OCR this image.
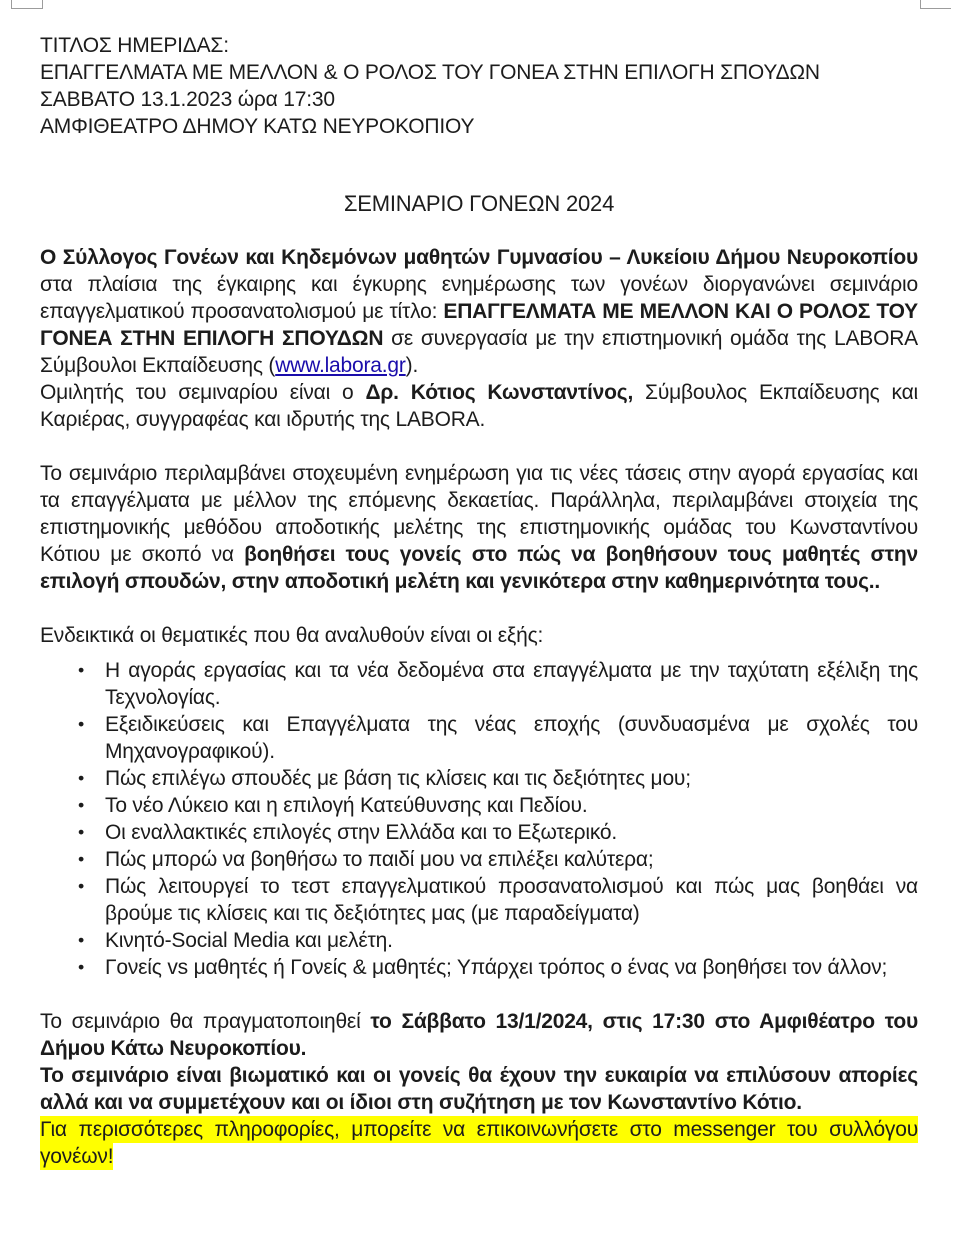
ΤΙΤΛΟΣ ΗΜΕΡΙΔΑΣ:
ΕΠΑΓΓΕΛΜΑΤΑ ΜΕ ΜΕΛΛΟΝ & Ο ΡΟΛΟΣ ΤΟΥ ΓΟΝΕΑ ΣΤΗΝ ΕΠΙΛΟΓΗ ΣΠΟΥΔΩΝ
ΣΑΒΒΑΤΟ 13.1.2023 ώρα 17:30
ΑΜΦΙΘΕΑΤΡΟ ΔΗΜΟΥ ΚΑΤΩ ΝΕΥΡΟΚΟΠΙΟΥ

ΣΕΜΙΝΑΡΙΟ ΓΟΝΕΩΝ 2024

Ο Σύλλογος Γονέων και Κηδεμόνων μαθητών Γυμνασίου – Λυκείοιυ Δήμου Νευροκοπίου στα πλαίσια της έγκαιρης και έγκυρης ενημέρωσης των γονέων διοργανώνει σεμινάριο επαγγελματικού προσανατολισμού με τίτλο: ΕΠΑΓΓΕΛΜΑΤΑ ΜΕ ΜΕΛΛΟΝ ΚΑΙ Ο ΡΟΛΟΣ ΤΟΥ ΓΟΝΕΑ ΣΤΗΝ ΕΠΙΛΟΓΗ ΣΠΟΥΔΩΝ σε συνεργασία με την επιστημονική ομάδα της LABORA Σύμβουλοι Εκπαίδευσης (www.labora.gr).

Ομιλητής του σεμιναρίου είναι ο Δρ. Κότιος Κωνσταντίνος, Σύμβουλος Εκπαίδευσης και Καριέρας, συγγραφέας και ιδρυτής της LABORA.

Το σεμινάριο περιλαμβάνει στοχευμένη ενημέρωση για τις νέες τάσεις στην αγορά εργασίας και τα επαγγέλματα με μέλλον της επόμενης δεκαετίας. Παράλληλα, περιλαμβάνει στοιχεία της επιστημονικής μεθόδου αποδοτικής μελέτης της επιστημονικής ομάδας του Κωνσταντίνου Κότιου με σκοπό να βοηθήσει τους γονείς στο πώς να βοηθήσουν τους μαθητές στην επιλογή σπουδών, στην αποδοτική μελέτη και γενικότερα στην καθημερινότητα τους..

Ενδεικτικά οι θεματικές που θα αναλυθούν είναι οι εξής:

• Η αγοράς εργασίας και τα νέα δεδομένα στα επαγγέλματα με την ταχύτατη εξέλιξη της Τεχνολογίας.
• Εξειδικεύσεις και Επαγγέλματα της νέας εποχής (συνδυασμένα με σχολές του Μηχανογραφικού).
• Πώς επιλέγω σπουδές με βάση τις κλίσεις και τις δεξιότητες μου;
• Το νέο Λύκειο και η επιλογή Κατεύθυνσης και Πεδίου.
• Οι εναλλακτικές επιλογές στην Ελλάδα και το Εξωτερικό.
• Πώς μπορώ να βοηθήσω το παιδί μου να επιλέξει καλύτερα;
• Πώς λειτουργεί το τεστ επαγγελματικού προσανατολισμού και πώς μας βοηθάει να βρούμε τις κλίσεις και τις δεξιότητες μας (με παραδείγματα)
• Κινητό-Social Media και μελέτη.
• Γονείς vs μαθητές ή Γονείς & μαθητές; Υπάρχει τρόπος ο ένας να βοηθήσει τον άλλον;

Το σεμινάριο θα πραγματοποιηθεί το Σάββατο 13/1/2024, στις 17:30 στο Αμφιθέατρο του Δήμου Κάτω Νευροκοπίου.

Το σεμινάριο είναι βιωματικό και οι γονείς θα έχουν την ευκαιρία να επιλύσουν απορίες αλλά και να συμμετέχουν και οι ίδιοι στη συζήτηση με τον Κωνσταντίνο Κότιο.

Για περισσότερες πληροφορίες, μπορείτε να επικοινωνήσετε στο messenger του συλλόγου γονέων!
